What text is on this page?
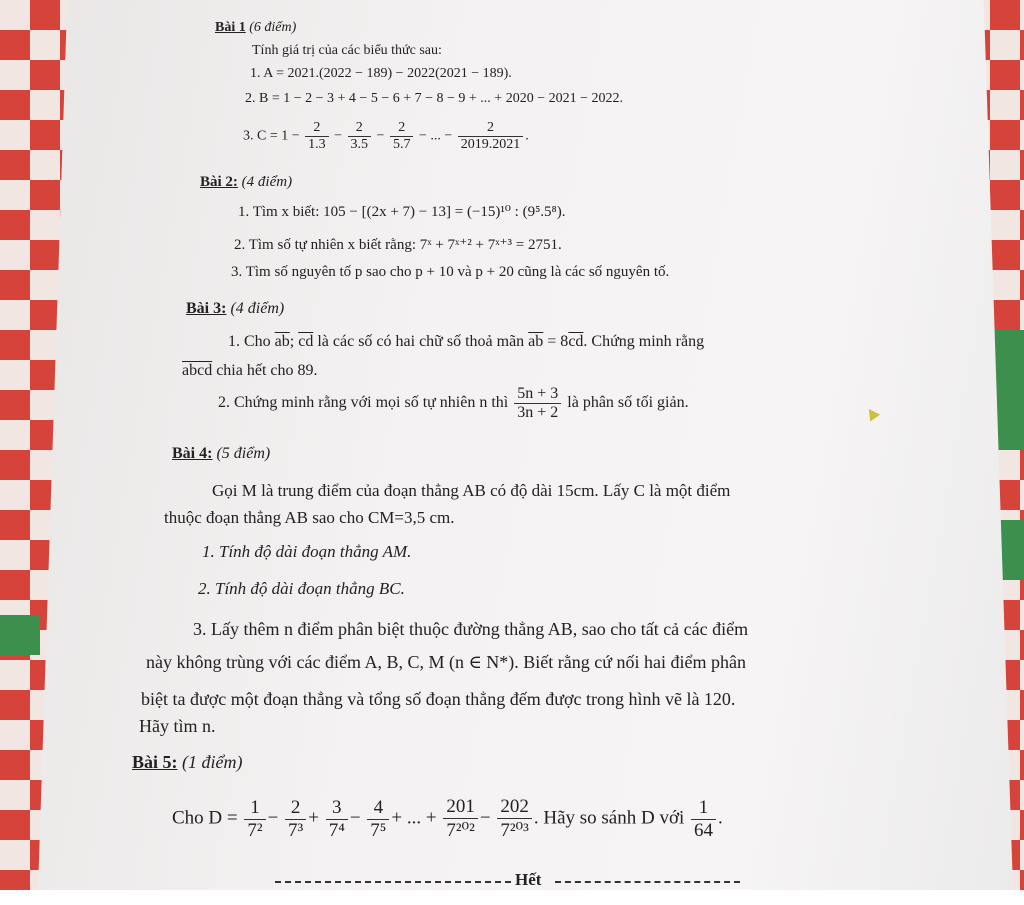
Bài 1 (6 điểm)
Tính giá trị của các biểu thức sau:
1. A = 2021.(2022 − 189) − 2022(2021 − 189).
2. B = 1 − 2 − 3 + 4 − 5 − 6 + 7 − 8 − 9 + ... + 2020 − 2021 − 2022.
3. $C = 1 - \frac{2}{1.3} - \frac{2}{3.5} - \frac{2}{5.7}$ − ... − $\frac{2}{2019.2021}$ .
Bài 2: (4 điểm)
1. Tìm x biết: 105 − [(2x + 7) − 13] = (−15)¹⁰ : (9⁵.5⁸).
2. Tìm số tự nhiên x biết rằng: 7ˣ + 7ˣ⁺² + 7ˣ⁺³ = 2751.
3. Tìm số nguyên tố p sao cho p + 10 và p + 20 cũng là các số nguyên tố.
Bài 3: (4 điểm)
1. Cho $\overline{ab}$; $\overline{cd}$ là các số có hai chữ số thoả mãn $\overline{ab} = 8\overline{cd}$. Chứng minh rằng
abcd chia hết cho 89.
2. Chứng minh rằng với mọi số tự nhiên n thì $\frac{5n + 3}{3n + 2}$ là phân số tối giản.
Bài 4: (5 điểm)
Gọi M là trung điểm của đoạn thẳng AB có độ dài 15cm. Lấy C là một điểm
thuộc đoạn thẳng AB sao cho CM=3,5 cm.
1. Tính độ dài đoạn thẳng AM.
2. Tính độ dài đoạn thẳng BC.
3. Lấy thêm n điểm phân biệt thuộc đường thẳng AB, sao cho tất cả các điểm
này không trùng với các điểm A, B, C, M (n ∈ N*). Biết rằng cứ nối hai điểm phân
biệt ta được một đoạn thẳng và tổng số đoạn thẳng đếm được trong hình vẽ là 120.
Hãy tìm n.
Bài 5: (1 điểm)
Cho $D = \frac{1}{\text{7²}} - \frac{2}{\text{7³}} + \frac{3}{\text{7⁴}} - \frac{4}{\text{7⁵}}$ + ... + $\frac{201}{\text{7²⁰²}} - \frac{202}{\text{7²⁰³}}$ . Hãy so sánh D với $\frac{1}{64}$ .
Hết
